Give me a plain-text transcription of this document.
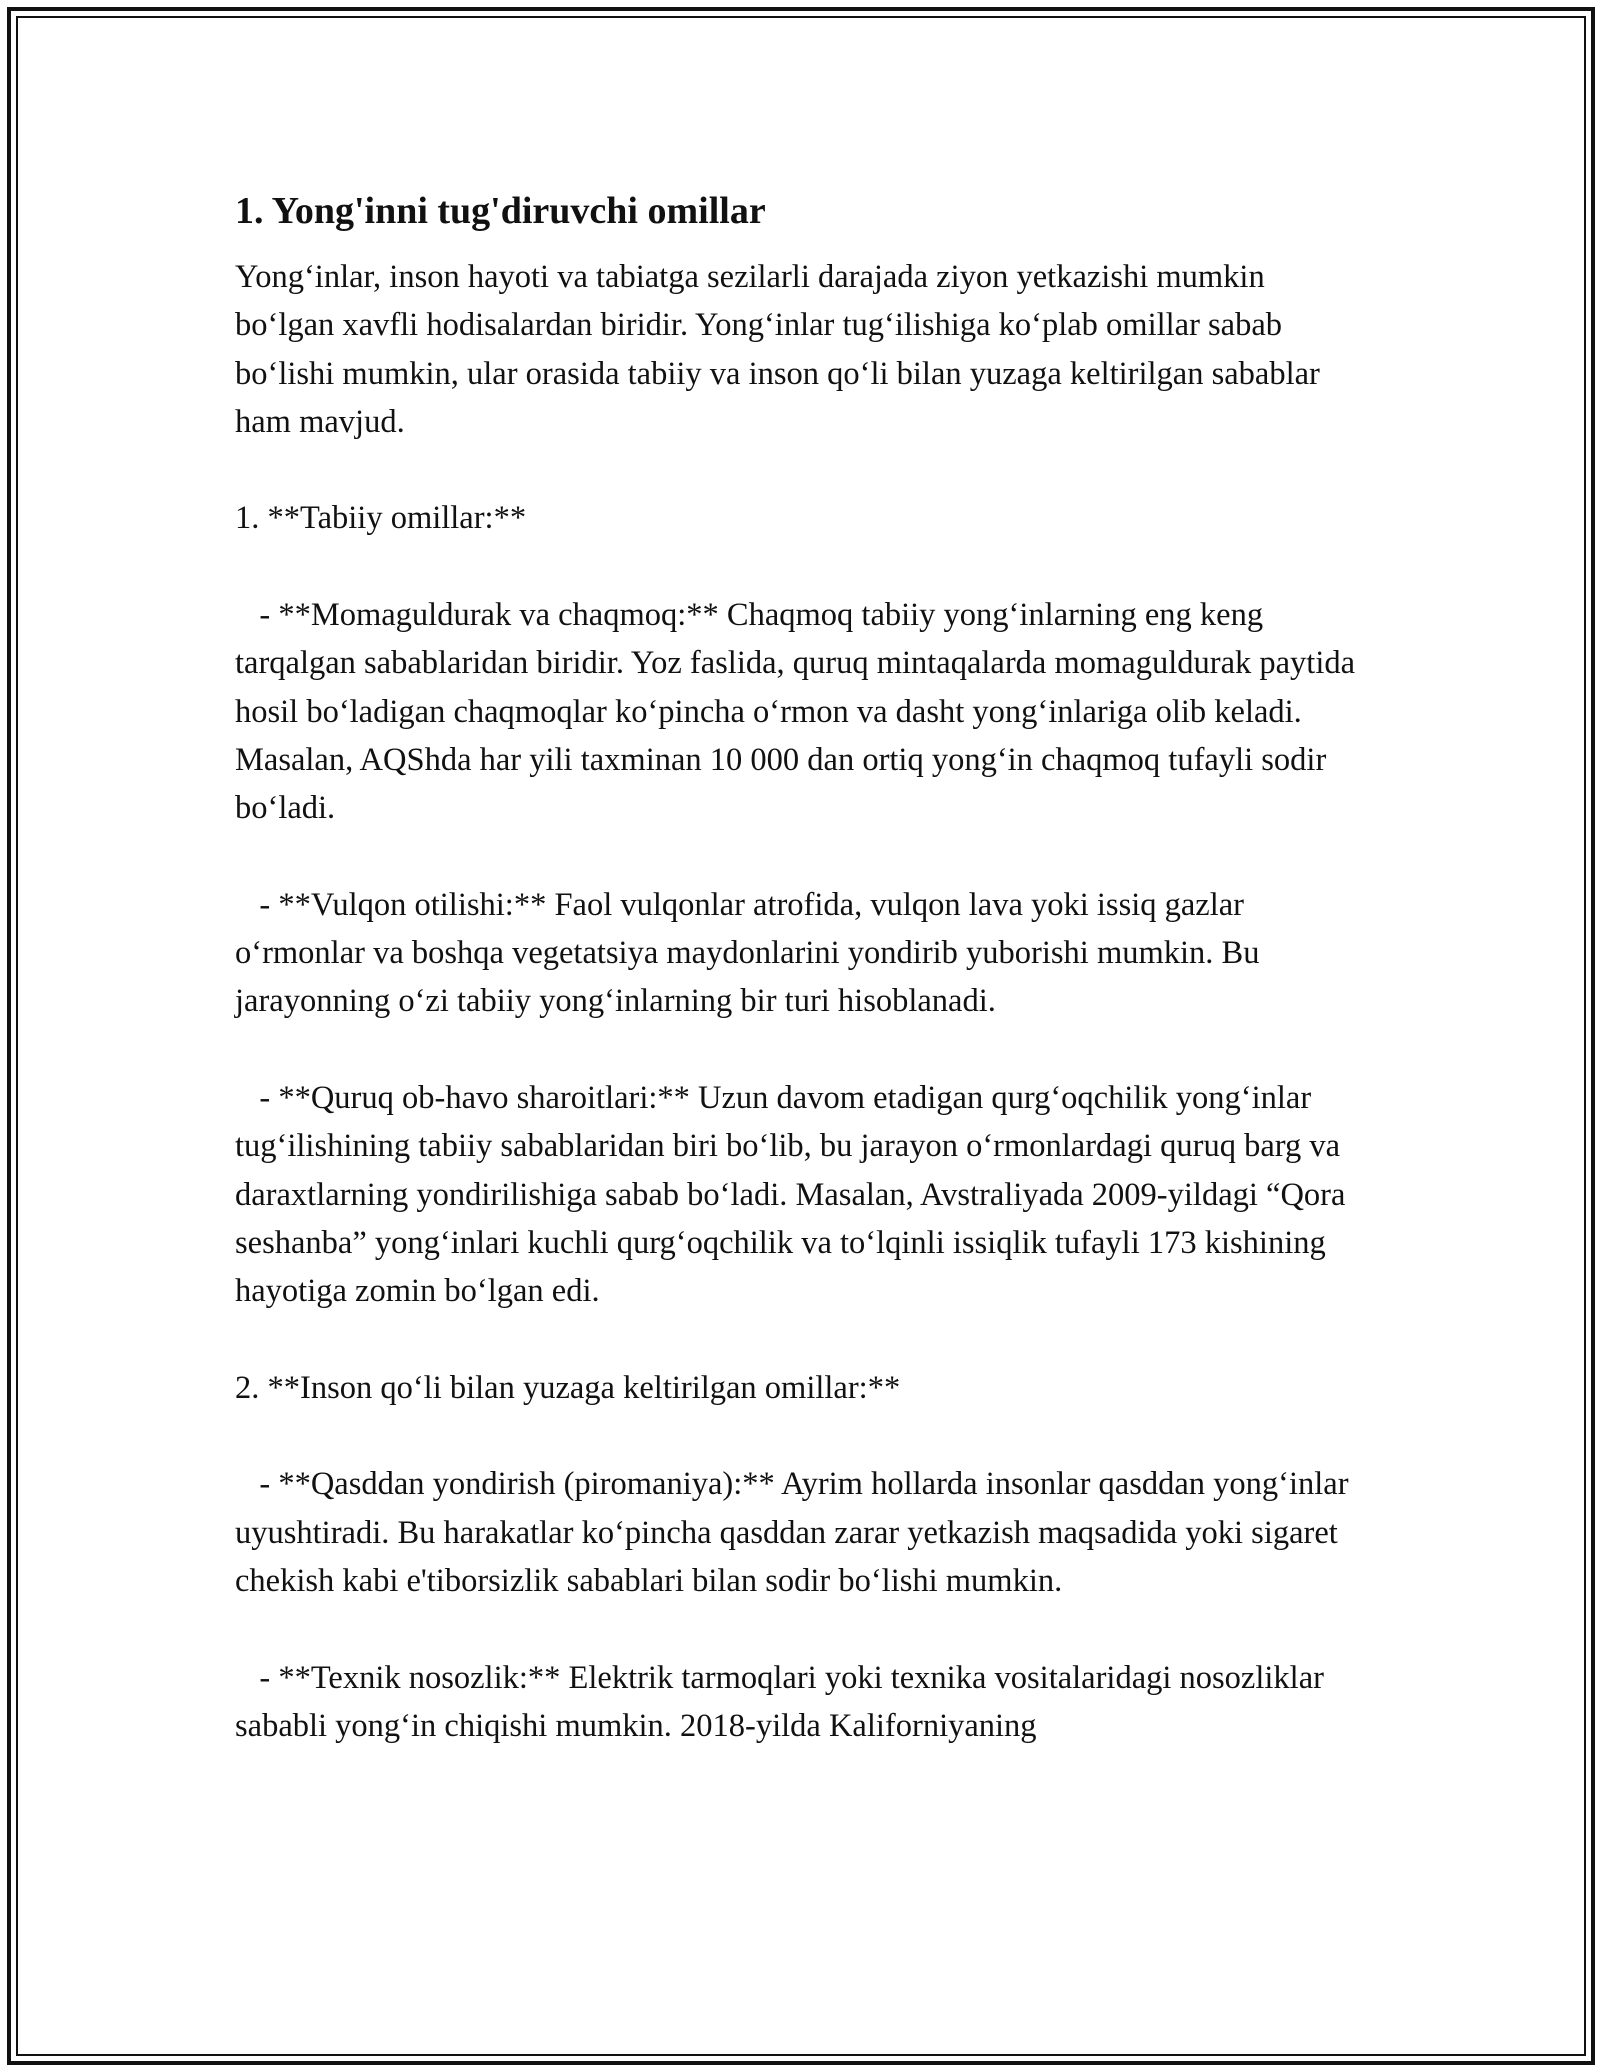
1. Yong'inni tug'diruvchi omillar

Yong‘inlar, inson hayoti va tabiatga sezilarli darajada ziyon yetkazishi mumkin bo‘lgan xavfli hodisalardan biridir. Yong‘inlar tug‘ilishiga ko‘plab omillar sabab bo‘lishi mumkin, ular orasida tabiiy va inson qo‘li bilan yuzaga keltirilgan sabablar ham mavjud.

1. **Tabiiy omillar:**

- **Momaguldurak va chaqmoq:** Chaqmoq tabiiy yong‘inlarning eng keng tarqalgan sabablaridan biridir. Yoz faslida, quruq mintaqalarda momaguldurak paytida hosil bo‘ladigan chaqmoqlar ko‘pincha o‘rmon va dasht yong‘inlariga olib keladi. Masalan, AQShda har yili taxminan 10 000 dan ortiq yong‘in chaqmoq tufayli sodir bo‘ladi.

- **Vulqon otilishi:** Faol vulqonlar atrofida, vulqon lava yoki issiq gazlar o‘rmonlar va boshqa vegetatsiya maydonlarini yondirib yuborishi mumkin. Bu jarayonning o‘zi tabiiy yong‘inlarning bir turi hisoblanadi.

- **Quruq ob-havo sharoitlari:** Uzun davom etadigan qurg‘oqchilik yong‘inlar tug‘ilishining tabiiy sabablaridan biri bo‘lib, bu jarayon o‘rmonlardagi quruq barg va daraxtlarning yondirilishiga sabab bo‘ladi. Masalan, Avstraliyada 2009-yildagi “Qora seshanba” yong‘inlari kuchli qurg‘oqchilik va to‘lqinli issiqlik tufayli 173 kishining hayotiga zomin bo‘lgan edi.

2. **Inson qo‘li bilan yuzaga keltirilgan omillar:**

- **Qasddan yondirish (piromaniya):** Ayrim hollarda insonlar qasddan yong‘inlar uyushtiradi. Bu harakatlar ko‘pincha qasddan zarar yetkazish maqsadida yoki sigaret chekish kabi e'tiborsizlik sabablari bilan sodir bo‘lishi mumkin.

- **Texnik nosozlik:** Elektrik tarmoqlari yoki texnika vositalaridagi nosozliklar sababli yong‘in chiqishi mumkin. 2018-yilda Kaliforniyaning
